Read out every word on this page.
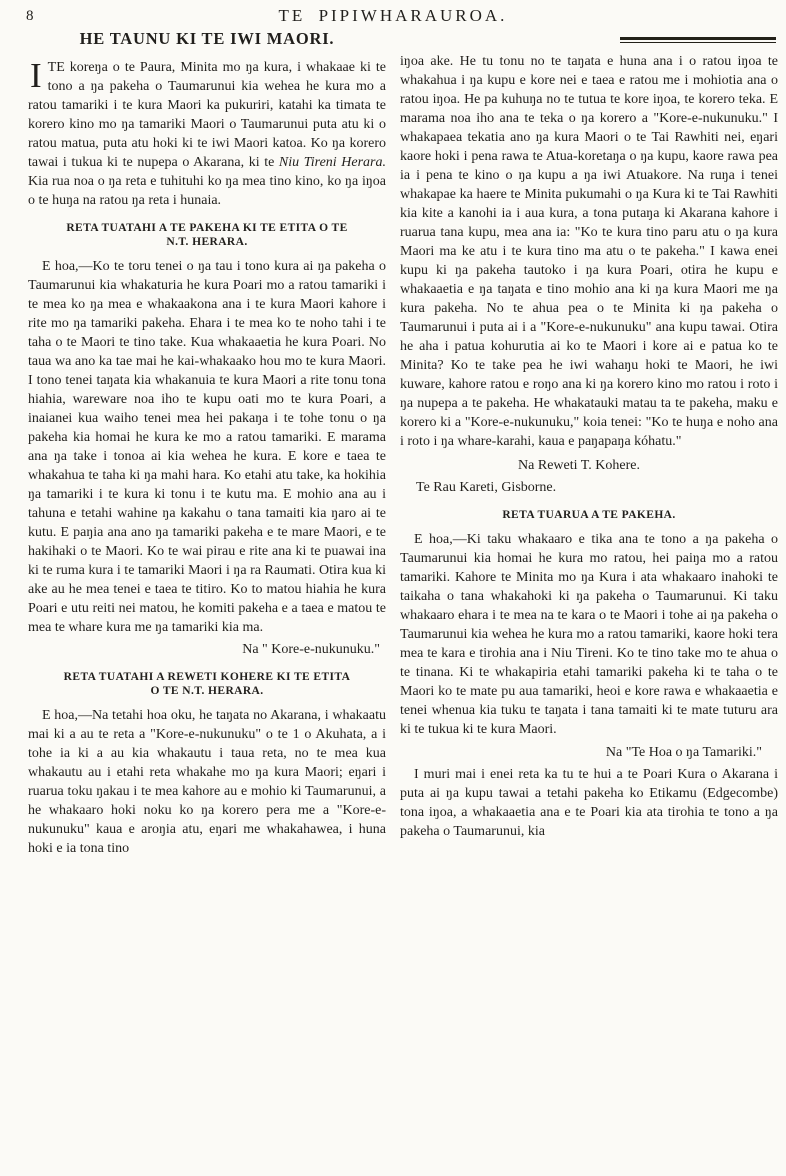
8	TE PIPIWHARAUROA.
HE TAUNU KI TE IWI MAORI.

ITE koreŋa o te Paura, Minita mo ŋa kura, i whakaae ki te tono a ŋa pakeha o Taumarunui kia wehea he kura mo a ratou tamariki i te kura Maori ka pukuriri, katahi ka timata te korero kino mo ŋa tamariki Maori o Taumarunui puta atu ki o ratou matua, puta atu hoki ki te iwi Maori katoa. Ko ŋa korero tawai i tukua ki te nupepa o Akarana, ki te Niu Tireni Herara. Kia rua noa o ŋa reta e tuhituhi ko ŋa mea tino kino, ko ŋa iŋoa o te huŋa na ratou ŋa reta i hunaia.

RETA TUATAHI A TE PAKEHA KI TE ETITA O TE N.T. HERARA.

E hoa,—Ko te toru tenei o ŋa tau i tono kura ai ŋa pakeha o Taumarunui kia whakaturia he kura Poari mo a ratou tamariki i te mea ko ŋa mea e whakaakona ana i te kura Maori kahore i rite mo ŋa tamariki pakeha. Ehara i te mea ko te noho tahi i te taha o te Maori te tino take. Kua whakaaetia he kura Poari. No taua wa ano ka tae mai he kai-whakaako hou mo te kura Maori. I tono tenei taŋata kia whakanuia te kura Maori a rite tonu tona hiahia, wareware noa iho te kupu oati mo te kura Poari, a inaianei kua waiho tenei mea hei pakaŋa i te tohe tonu o ŋa pakeha kia homai he kura ke mo a ratou tamariki. E marama ana ŋa take i tonoa ai kia wehea he kura. E kore e taea te whakahua te taha ki ŋa mahi hara. Ko etahi atu take, ka hokihia ŋa tamariki i te kura ki tonu i te kutu ma. E mohio ana au i tahuna e tetahi wahine ŋa kakahu o tana tamaiti kia ŋaro ai te kutu. E paŋia ana ano ŋa tamariki pakeha e te mare Maori, e te hakihaki o te Maori. Ko te wai pirau e rite ana ki te puawai ina ki te ruma kura i te tamariki Maori i ŋa ra Raumati. Otira kua ki ake au he mea tenei e taea te titiro. Ko to matou hiahia he kura Poari e utu reiti nei matou, he komiti pakeha e a taea e matou te mea te whare kura me ŋa tamariki kia ma.

Na " Kore-e-nukunuku."

RETA TUATAHI A REWETI KOHERE KI TE ETITA O TE N.T. HERARA.

E hoa,—Na tetahi hoa oku, he taŋata no Akarana, i whakaatu mai ki a au te reta a "Kore-e-nukunuku" o te 1 o Akuhata, a i tohe ia ki a au kia whakautu i taua reta, no te mea kua whakautu au i etahi reta whakahe mo ŋa kura Maori; eŋari i ruarua toku ŋakau i te mea kahore au e mohio ki Taumarunui, a he whakaaro hoki noku ko ŋa korero pera me a "Kore-e-nukunuku" kaua e aroŋia atu, eŋari me whakahawea, i huna hoki e ia tona tino

iŋoa ake. He tu tonu no te taŋata e huna ana i o ratou iŋoa te whakahua i ŋa kupu e kore nei e taea e ratou me i mohiotia ana o ratou iŋoa. He pa kuhuŋa no te tutua te kore iŋoa, te korero teka. E marama noa iho ana te teka o ŋa korero a "Kore-e-nukunuku." I whakapaea tekatia ano ŋa kura Maori o te Tai Rawhiti nei, eŋari kaore hoki i pena rawa te Atua-koretaŋa o ŋa kupu, kaore rawa pea ia i pena te kino o ŋa kupu a ŋa iwi Atuakore. Na ruŋa i tenei whakapae ka haere te Minita pukumahi o ŋa Kura ki te Tai Rawhiti kia kite a kanohi ia i aua kura, a tona putaŋa ki Akarana kahore i ruarua tana kupu, mea ana ia: "Ko te kura tino paru atu o ŋa kura Maori ma ke atu i te kura tino ma atu o te pakeha." I kawa enei kupu ki ŋa pakeha tautoko i ŋa kura Poari, otira he kupu e whakaaetia e ŋa taŋata e tino mohio ana ki ŋa kura Maori me ŋa kura pakeha. No te ahua pea o te Minita ki ŋa pakeha o Taumarunui i puta ai i a "Kore-e-nukunuku" ana kupu tawai. Otira he aha i patua kohurutia ai ko te Maori i kore ai e patua ko te Minita? Ko te take pea he iwi wahaŋu hoki te Maori, he iwi kuware, kahore ratou e roŋo ana ki ŋa korero kino mo ratou i roto i ŋa nupepa a te pakeha. He whakatauki matau ta te pakeha, maku e korero ki a "Kore-e-nukunuku," koia tenei: "Ko te huŋa e noho ana i roto i ŋa whare-karahi, kaua e paŋapaŋa kóhatu."

Na Reweti T. Kohere.

Te Rau Kareti, Gisborne.

RETA TUARUA A TE PAKEHA.

E hoa,—Ki taku whakaaro e tika ana te tono a ŋa pakeha o Taumarunui kia homai he kura mo ratou, hei paiŋa mo a ratou tamariki. Kahore te Minita mo ŋa Kura i ata whakaaro inahoki te taikaha o tana whakahoki ki ŋa pakeha o Taumarunui. Ki taku whakaaro ehara i te mea na te kara o te Maori i tohe ai ŋa pakeha o Taumarunui kia wehea he kura mo a ratou tamariki, kaore hoki tera mea te kara e tirohia ana i Niu Tireni. Ko te tino take mo te ahua o te tinana. Ki te whakapiria etahi tamariki pakeha ki te taha o te Maori ko te mate pu aua tamariki, heoi e kore rawa e whakaaetia e tenei whenua kia tuku te taŋata i tana tamaiti ki te mate tuturu ara ki te tukua ki te kura Maori.

Na "Te Hoa o ŋa Tamariki."

I muri mai i enei reta ka tu te hui a te Poari Kura o Akarana i puta ai ŋa kupu tawai a tetahi pakeha ko Etikamu (Edgecombe) tona iŋoa, a whakaaetia ana e te Poari kia ata tirohia te tono a ŋa pakeha o Taumarunui, kia
